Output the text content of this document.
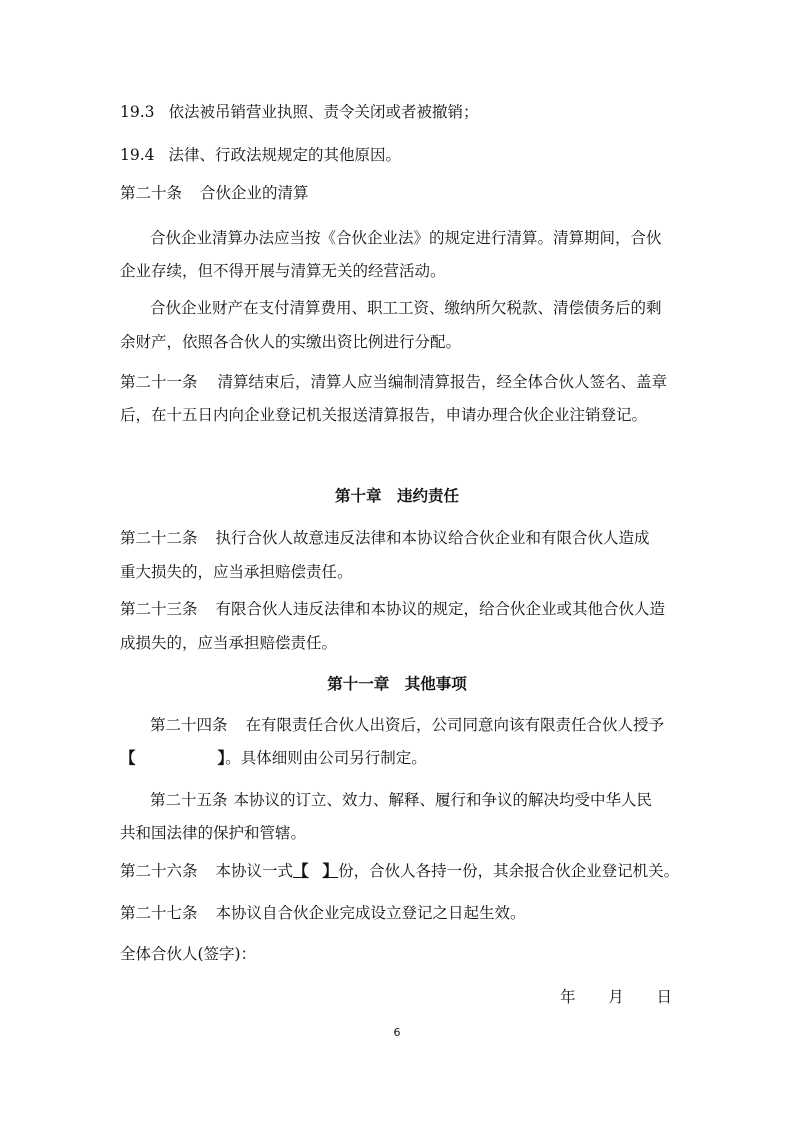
19.3 依法被吊销营业执照、责令关闭或者被撤销；
19.4 法律、行政法规规定的其他原因。
第二十条 合伙企业的清算
合伙企业清算办法应当按《合伙企业法》的规定进行清算。清算期间，合伙
企业存续，但不得开展与清算无关的经营活动。
合伙企业财产在支付清算费用、职工工资、缴纳所欠税款、清偿债务后的剩
余财产，依照各合伙人的实缴出资比例进行分配。
第二十一条 清算结束后，清算人应当编制清算报告，经全体合伙人签名、盖章
后，在十五日内向企业登记机关报送清算报告，申请办理合伙企业注销登记。
第十章　违约责任
第二十二条 执行合伙人故意违反法律和本协议给合伙企业和有限合伙人造成
重大损失的，应当承担赔偿责任。
第二十三条 有限合伙人违反法律和本协议的规定，给合伙企业或其他合伙人造
成损失的，应当承担赔偿责任。
第十一章　其他事项
第二十四条 在有限责任合伙人出资后，公司同意向该有限责任合伙人授予
【	】。具体细则由公司另行制定。
第二十五条 本协议的订立、效力、解释、履行和争议的解决均受中华人民
共和国法律的保护和管辖。
第二十六条 本协议一式【 】份，合伙人各持一份，其余报合伙企业登记机关。
第二十七条 本协议自合伙企业完成设立登记之日起生效。
全体合伙人(签字)：
年 月 日
6
